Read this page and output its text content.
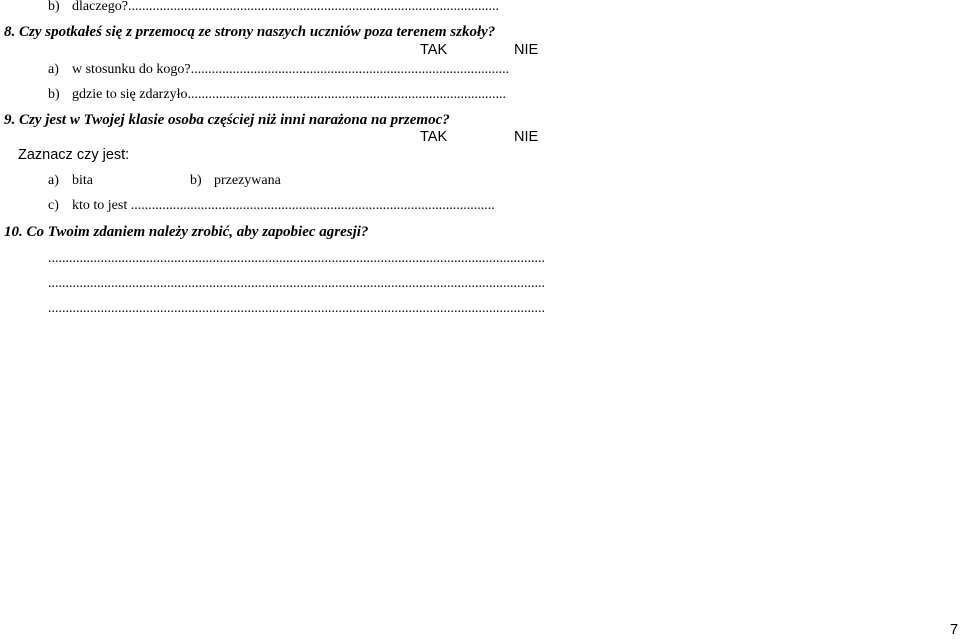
b) dlaczego?..........................................................................................................
8. Czy spotkałeś się z przemocą ze strony naszych uczniów poza terenem szkoły?
TAK	NIE
a) w stosunku do kogo?...........................................................................................
b) gdzie to się zdarzyło...........................................................................................
9. Czy jest w Twojej klasie osoba częściej niż inni narażona na przemoc?
TAK	NIE
Zaznacz czy jest:
a) bita	b) przezywana
c) kto to jest ........................................................................................................
10. Co Twoim zdaniem należy zrobić, aby zapobiec agresji?
..............................................................................................................................................
..............................................................................................................................................
..............................................................................................................................................
7
